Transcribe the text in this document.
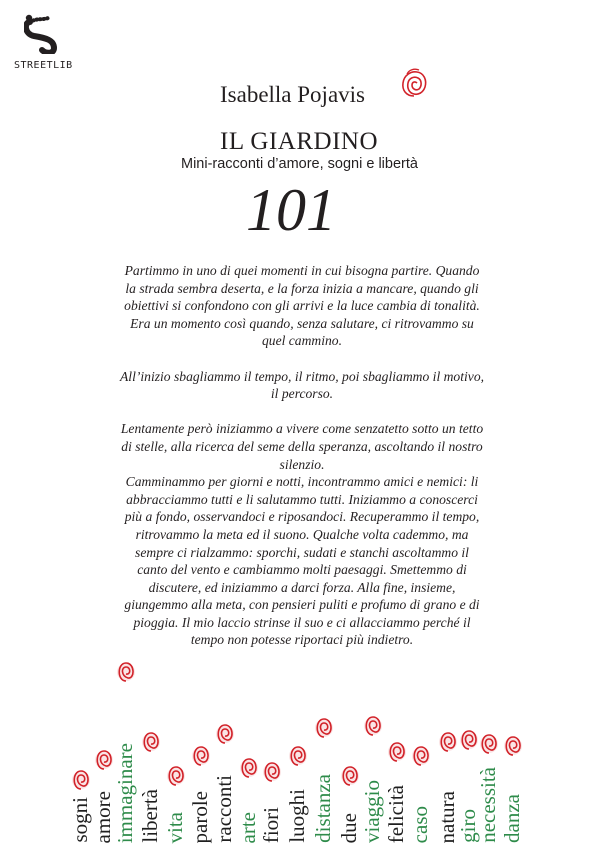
STREETLIB
Isabella Pojavis
IL GIARDINO
Mini-racconti d’amore, sogni e libertà
101

Partimmo in uno di quei momenti in cui bisogna partire. Quando la strada sembra deserta, e la forza inizia a mancare, quando gli obiettivi si confondono con gli arrivi e la luce cambia di tonalità. Era un momento così quando, senza salutare, ci ritrovammo su quel cammino.

All’inizio sbagliammo il tempo, il ritmo, poi sbagliammo il motivo, il percorso.

Lentamente però iniziammo a vivere come senzatetto sotto un tetto di stelle, alla ricerca del seme della speranza, ascoltando il nostro silenzio.

Camminammo per giorni e notti, incontrammo amici e nemici: li abbracciammo tutti e li salutammo tutti. Iniziammo a conoscerci più a fondo, osservandoci e riposandoci. Recuperammo il tempo, ritrovammo la meta ed il suono. Qualche volta cademmo, ma sempre ci rialzammo: sporchi, sudati e stanchi ascoltammo il canto del vento e cambiammo molti paesaggi. Smettemmo di discutere, ed iniziammo a darci forza. Alla fine, insieme, giungemmo alla meta, con pensieri puliti e profumo di grano e di pioggia. Il mio laccio strinse il suo e ci allacciammo perché il tempo non potesse riportaci più indietro.

sogni amore
immaginare libertà vita parole racconti arte fiori luoghi distanza due viaggio felicità caso natura
giro
necessità danza
